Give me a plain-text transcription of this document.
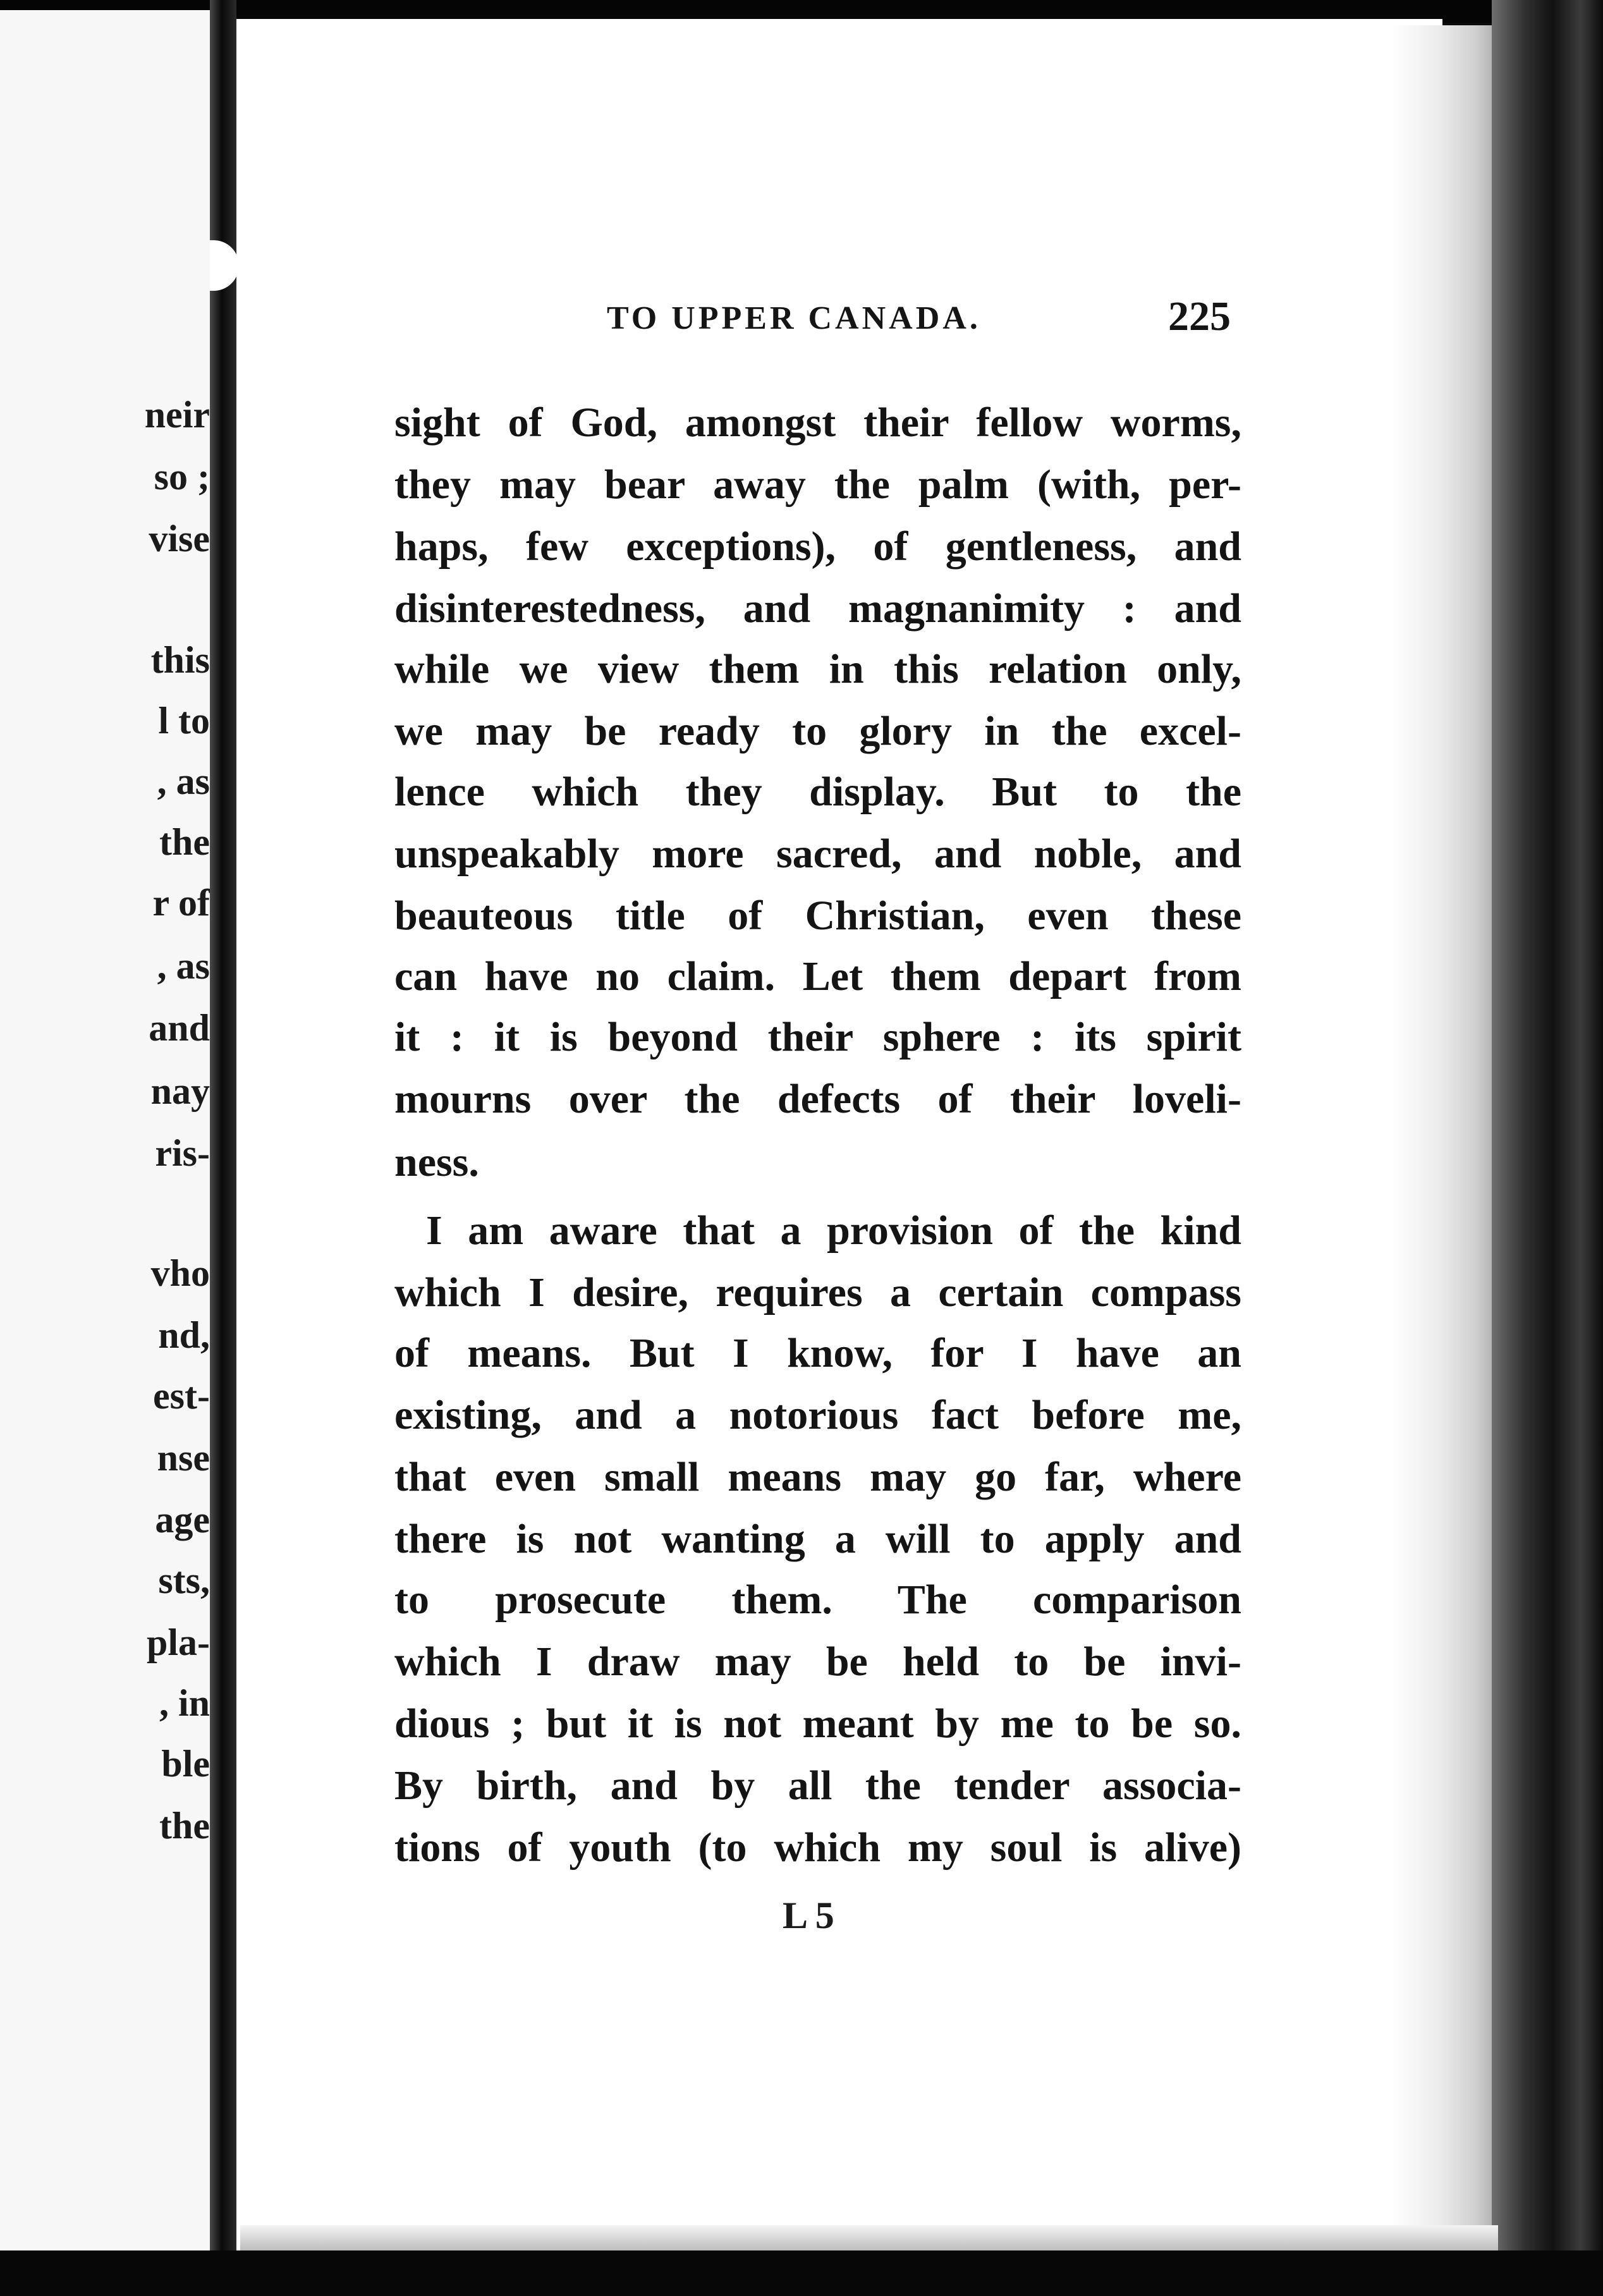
neir

so ;

vise

this

l to

, as

the

r of

, as

and

nay

ris-

vho

nd,

est-

nse

age

sts,

pla-

, in

ble

the

TO UPPER CANADA.	225

sight of God, amongst their fellow worms,

they may bear away the palm (with, per-

haps, few exceptions), of gentleness, and

disinterestedness, and magnanimity : and

while we view them in this relation only,

we may be ready to glory in the excel-

lence which they display. But to the

unspeakably more sacred, and noble, and

beauteous title of Christian, even these

can have no claim. Let them depart from

it : it is beyond their sphere : its spirit

mourns over the defects of their loveli-

ness.

I am aware that a provision of the kind

which I desire, requires a certain compass

of means. But I know, for I have an

existing, and a notorious fact before me,

that even small means may go far, where

there is not wanting a will to apply and

to prosecute them. The comparison

which I draw may be held to be invi-

dious ; but it is not meant by me to be so.

By birth, and by all the tender associa-

tions of youth (to which my soul is alive)

L 5
